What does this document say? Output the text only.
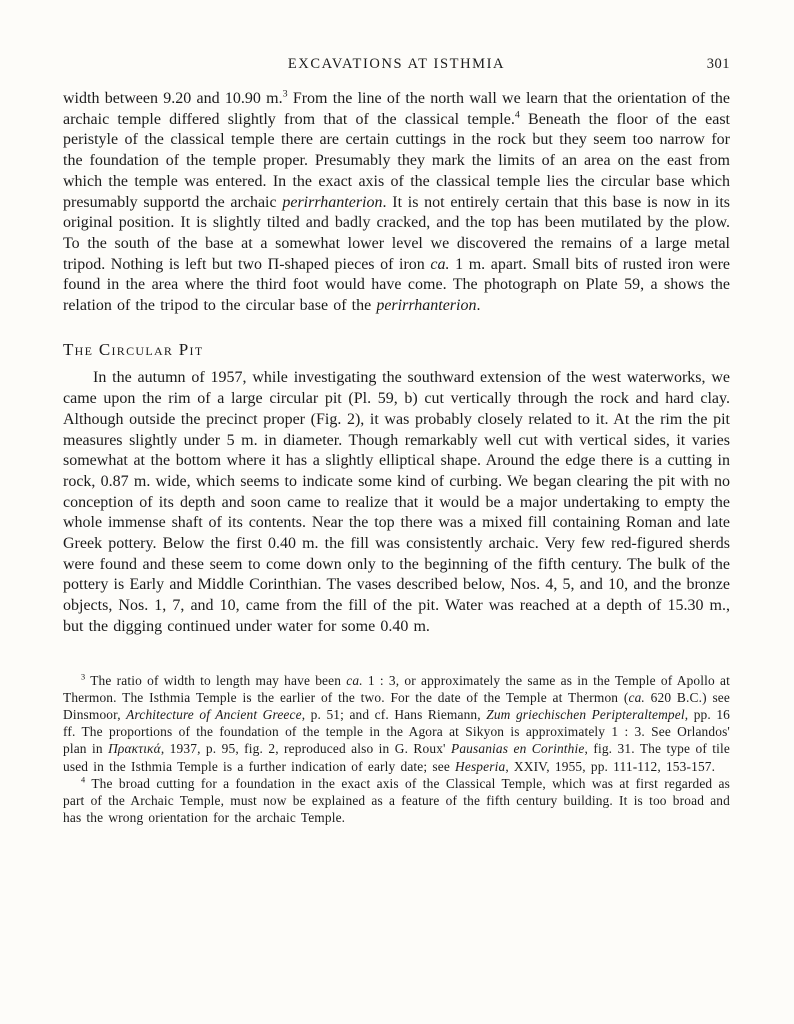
EXCAVATIONS AT ISTHMIA	301

width between 9.20 and 10.90 m.$^3$ From the line of the north wall we learn that the orientation of the archaic temple differed slightly from that of the classical temple.$^4$ Beneath the floor of the east peristyle of the classical temple there are certain cuttings in the rock but they seem too narrow for the foundation of the temple proper. Presumably they mark the limits of an area on the east from which the temple was entered. In the exact axis of the classical temple lies the circular base which presumably supportd the archaic perirrhanterion. It is not entirely certain that this base is now in its original position. It is slightly tilted and badly cracked, and the top has been mutilated by the plow. To the south of the base at a somewhat lower level we discovered the remains of a large metal tripod. Nothing is left but two Π-shaped pieces of iron ca. 1 m. apart. Small bits of rusted iron were found in the area where the third foot would have come. The photograph on Plate 59, a shows the relation of the tripod to the circular base of the perirrhanterion.

The Circular Pit

In the autumn of 1957, while investigating the southward extension of the west waterworks, we came upon the rim of a large circular pit (Pl. 59, b) cut vertically through the rock and hard clay. Although outside the precinct proper (Fig. 2), it was probably closely related to it. At the rim the pit measures slightly under 5 m. in diameter. Though remarkably well cut with vertical sides, it varies somewhat at the bottom where it has a slightly elliptical shape. Around the edge there is a cutting in rock, 0.87 m. wide, which seems to indicate some kind of curbing. We began clearing the pit with no conception of its depth and soon came to realize that it would be a major undertaking to empty the whole immense shaft of its contents. Near the top there was a mixed fill containing Roman and late Greek pottery. Below the first 0.40 m. the fill was consistently archaic. Very few red-figured sherds were found and these seem to come down only to the beginning of the fifth century. The bulk of the pottery is Early and Middle Corinthian. The vases described below, Nos. 4, 5, and 10, and the bronze objects, Nos. 1, 7, and 10, came from the fill of the pit. Water was reached at a depth of 15.30 m., but the digging continued under water for some 0.40 m.

$^3$ The ratio of width to length may have been ca. 1 : 3, or approximately the same as in the Temple of Apollo at Thermon. The Isthmia Temple is the earlier of the two. For the date of the Temple at Thermon (ca. 620 B.C.) see Dinsmoor, Architecture of Ancient Greece, p. 51; and cf. Hans Riemann, Zum griechischen Peripteraltempel, pp. 16 ff. The proportions of the foundation of the temple in the Agora at Sikyon is approximately 1 : 3. See Orlandos' plan in Πρακτικά, 1937, p. 95, fig. 2, reproduced also in G. Roux' Pausanias en Corinthie, fig. 31. The type of tile used in the Isthmia Temple is a further indication of early date; see Hesperia, XXIV, 1955, pp. 111-112, 153-157.

$^4$ The broad cutting for a foundation in the exact axis of the Classical Temple, which was at first regarded as part of the Archaic Temple, must now be explained as a feature of the fifth century building. It is too broad and has the wrong orientation for the archaic Temple.
